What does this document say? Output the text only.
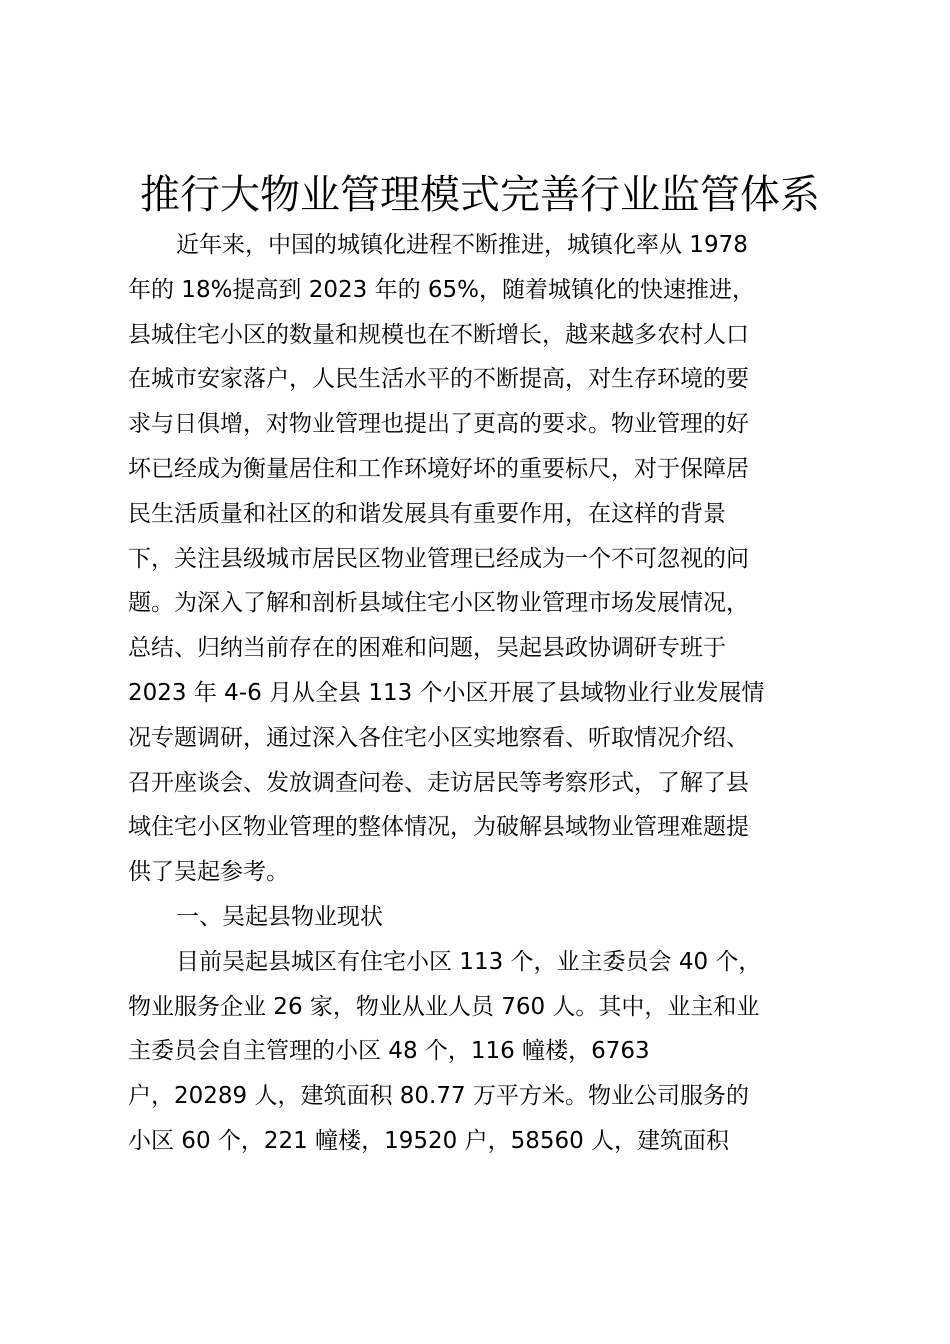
推行大物业管理模式完善行业监管体系
近年来，中国的城镇化进程不断推进，城镇化率从 1978
年的 18%提高到 2023 年的 65%，随着城镇化的快速推进，
县城住宅小区的数量和规模也在不断增长，越来越多农村人口
在城市安家落户，人民生活水平的不断提高，对生存环境的要
求与日俱增，对物业管理也提出了更高的要求。物业管理的好
坏已经成为衡量居住和工作环境好坏的重要标尺，对于保障居
民生活质量和社区的和谐发展具有重要作用，在这样的背景
下，关注县级城市居民区物业管理已经成为一个不可忽视的问
题。为深入了解和剖析县域住宅小区物业管理市场发展情况，
总结、归纳当前存在的困难和问题，吴起县政协调研专班于
2023 年 4-6 月从全县 113 个小区开展了县域物业行业发展情
况专题调研，通过深入各住宅小区实地察看、听取情况介绍、
召开座谈会、发放调查问卷、走访居民等考察形式，了解了县
域住宅小区物业管理的整体情况，为破解县域物业管理难题提
供了吴起参考。
一、吴起县物业现状
目前吴起县城区有住宅小区 113 个，业主委员会 40 个，
物业服务企业 26 家，物业从业人员 760 人。其中，业主和业
主委员会自主管理的小区 48 个，116 幢楼，6763
户，20289 人，建筑面积 80.77 万平方米。物业公司服务的
小区 60 个，221 幢楼，19520 户，58560 人，建筑面积
